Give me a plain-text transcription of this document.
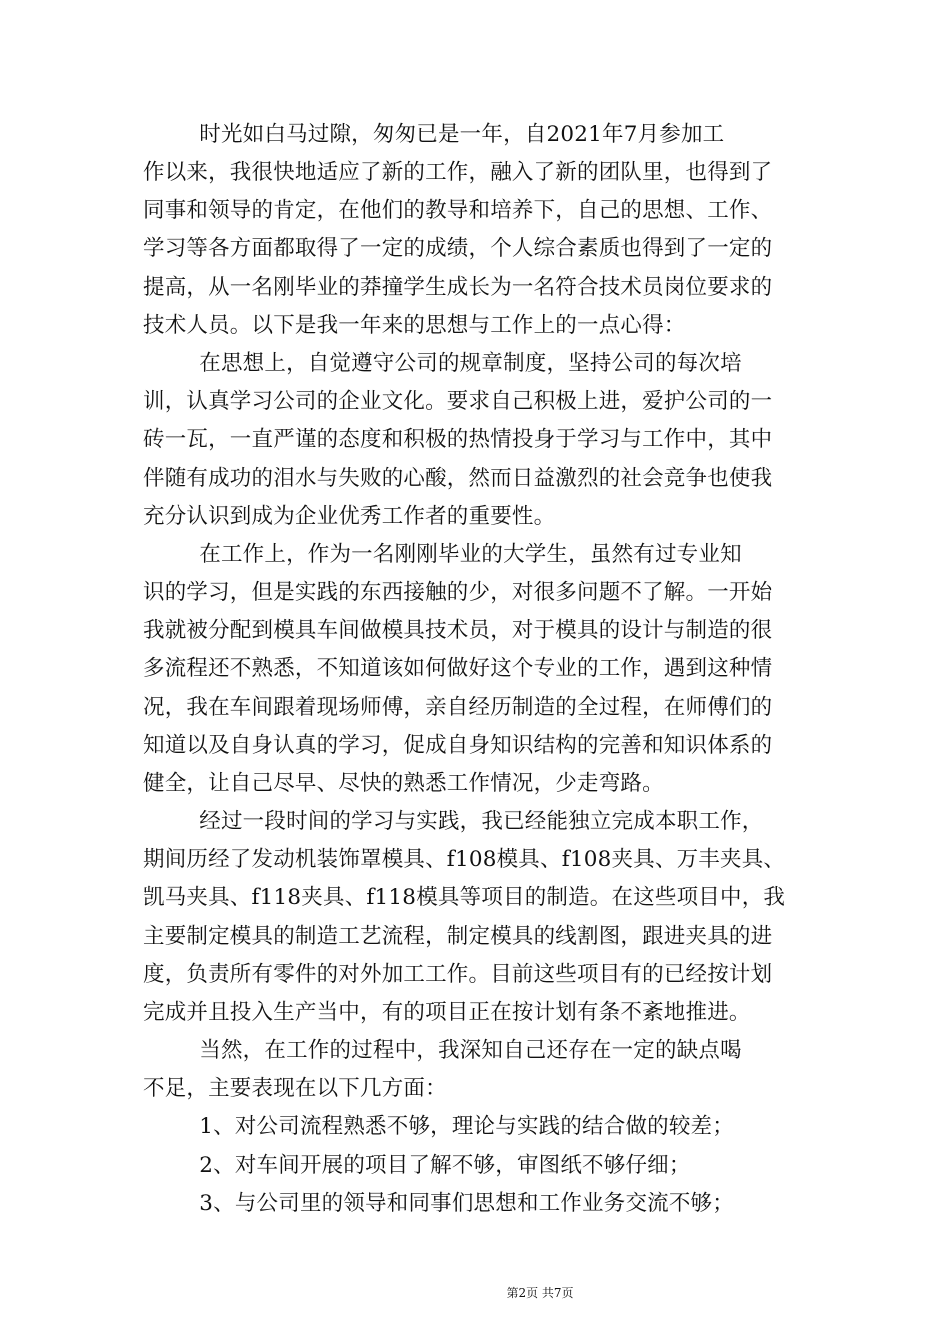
时光如白马过隙，匆匆已是一年，自2021年7月参加工
作以来，我很快地适应了新的工作，融入了新的团队里，也得到了
同事和领导的肯定，在他们的教导和培养下，自己的思想、工作、
学习等各方面都取得了一定的成绩，个人综合素质也得到了一定的
提高，从一名刚毕业的莽撞学生成长为一名符合技术员岗位要求的
技术人员。以下是我一年来的思想与工作上的一点心得：
在思想上，自觉遵守公司的规章制度，坚持公司的每次培
训，认真学习公司的企业文化。要求自己积极上进，爱护公司的一
砖一瓦，一直严谨的态度和积极的热情投身于学习与工作中，其中
伴随有成功的泪水与失败的心酸，然而日益激烈的社会竞争也使我
充分认识到成为企业优秀工作者的重要性。
在工作上，作为一名刚刚毕业的大学生，虽然有过专业知
识的学习，但是实践的东西接触的少，对很多问题不了解。一开始
我就被分配到模具车间做模具技术员，对于模具的设计与制造的很
多流程还不熟悉，不知道该如何做好这个专业的工作，遇到这种情
况，我在车间跟着现场师傅，亲自经历制造的全过程，在师傅们的
知道以及自身认真的学习，促成自身知识结构的完善和知识体系的
健全，让自己尽早、尽快的熟悉工作情况，少走弯路。
经过一段时间的学习与实践，我已经能独立完成本职工作，
期间历经了发动机装饰罩模具、f108模具、f108夹具、万丰夹具、
凯马夹具、f118夹具、f118模具等项目的制造。在这些项目中，我
主要制定模具的制造工艺流程，制定模具的线割图，跟进夹具的进
度，负责所有零件的对外加工工作。目前这些项目有的已经按计划
完成并且投入生产当中，有的项目正在按计划有条不紊地推进。
当然，在工作的过程中，我深知自己还存在一定的缺点喝
不足，主要表现在以下几方面：
1、对公司流程熟悉不够，理论与实践的结合做的较差；
2、对车间开展的项目了解不够，审图纸不够仔细；
3、与公司里的领导和同事们思想和工作业务交流不够；
第2页 共7页
